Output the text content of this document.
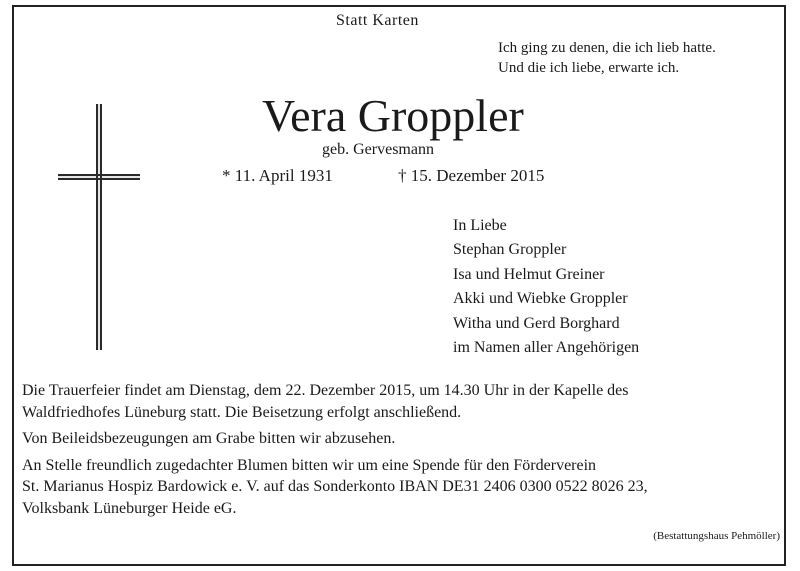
Statt Karten
Ich ging zu denen, die ich lieb hatte.
Und die ich liebe, erwarte ich.
Vera Groppler
geb. Gervesmann
* 11. April 1931	† 15. Dezember 2015
In Liebe
Stephan Groppler
Isa und Helmut Greiner
Akki und Wiebke Groppler
Witha und Gerd Borghard
im Namen aller Angehörigen

Die Trauerfeier findet am Dienstag, dem 22. Dezember 2015, um 14.30 Uhr in der Kapelle des

Waldfriedhofes Lüneburg statt. Die Beisetzung erfolgt anschließend.

Von Beileidsbezeugungen am Grabe bitten wir abzusehen.

An Stelle freundlich zugedachter Blumen bitten wir um eine Spende für den Förderverein

St. Marianus Hospiz Bardowick e. V. auf das Sonderkonto IBAN DE31 2406 0300 0522 8026 23,

Volksbank Lüneburger Heide eG.

(Bestattungshaus Pehmöller)
